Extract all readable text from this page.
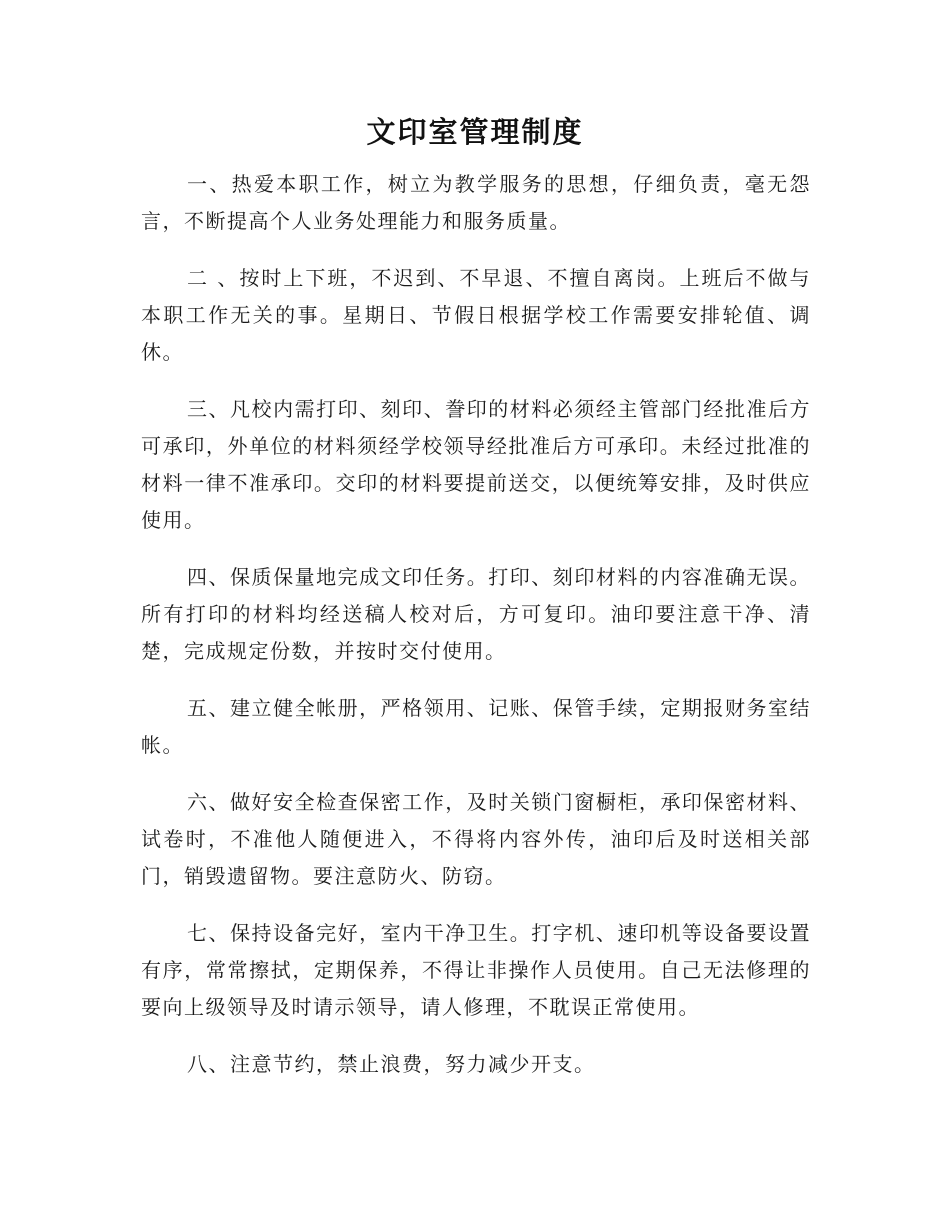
文印室管理制度

一、热爱本职工作，树立为教学服务的思想，仔细负责，毫无怨言，不断提高个人业务处理能力和服务质量。

二 、按时上下班，不迟到、不早退、不擅自离岗。上班后不做与本职工作无关的事。星期日、节假日根据学校工作需要安排轮值、调休。

三、凡校内需打印、刻印、誊印的材料必须经主管部门经批准后方可承印，外单位的材料须经学校领导经批准后方可承印。未经过批准的材料一律不准承印。交印的材料要提前送交，以便统筹安排，及时供应使用。

四、保质保量地完成文印任务。打印、刻印材料的内容准确无误。所有打印的材料均经送稿人校对后，方可复印。油印要注意干净、清楚，完成规定份数，并按时交付使用。

五、建立健全帐册，严格领用、记账、保管手续，定期报财务室结帐。

六、做好安全检查保密工作，及时关锁门窗橱柜，承印保密材料、试卷时，不准他人随便进入，不得将内容外传，油印后及时送相关部门，销毁遗留物。要注意防火、防窃。

七、保持设备完好，室内干净卫生。打字机、速印机等设备要设置有序，常常擦拭，定期保养，不得让非操作人员使用。自己无法修理的要向上级领导及时请示领导，请人修理，不耽误正常使用。

八、注意节约，禁止浪费，努力减少开支。
